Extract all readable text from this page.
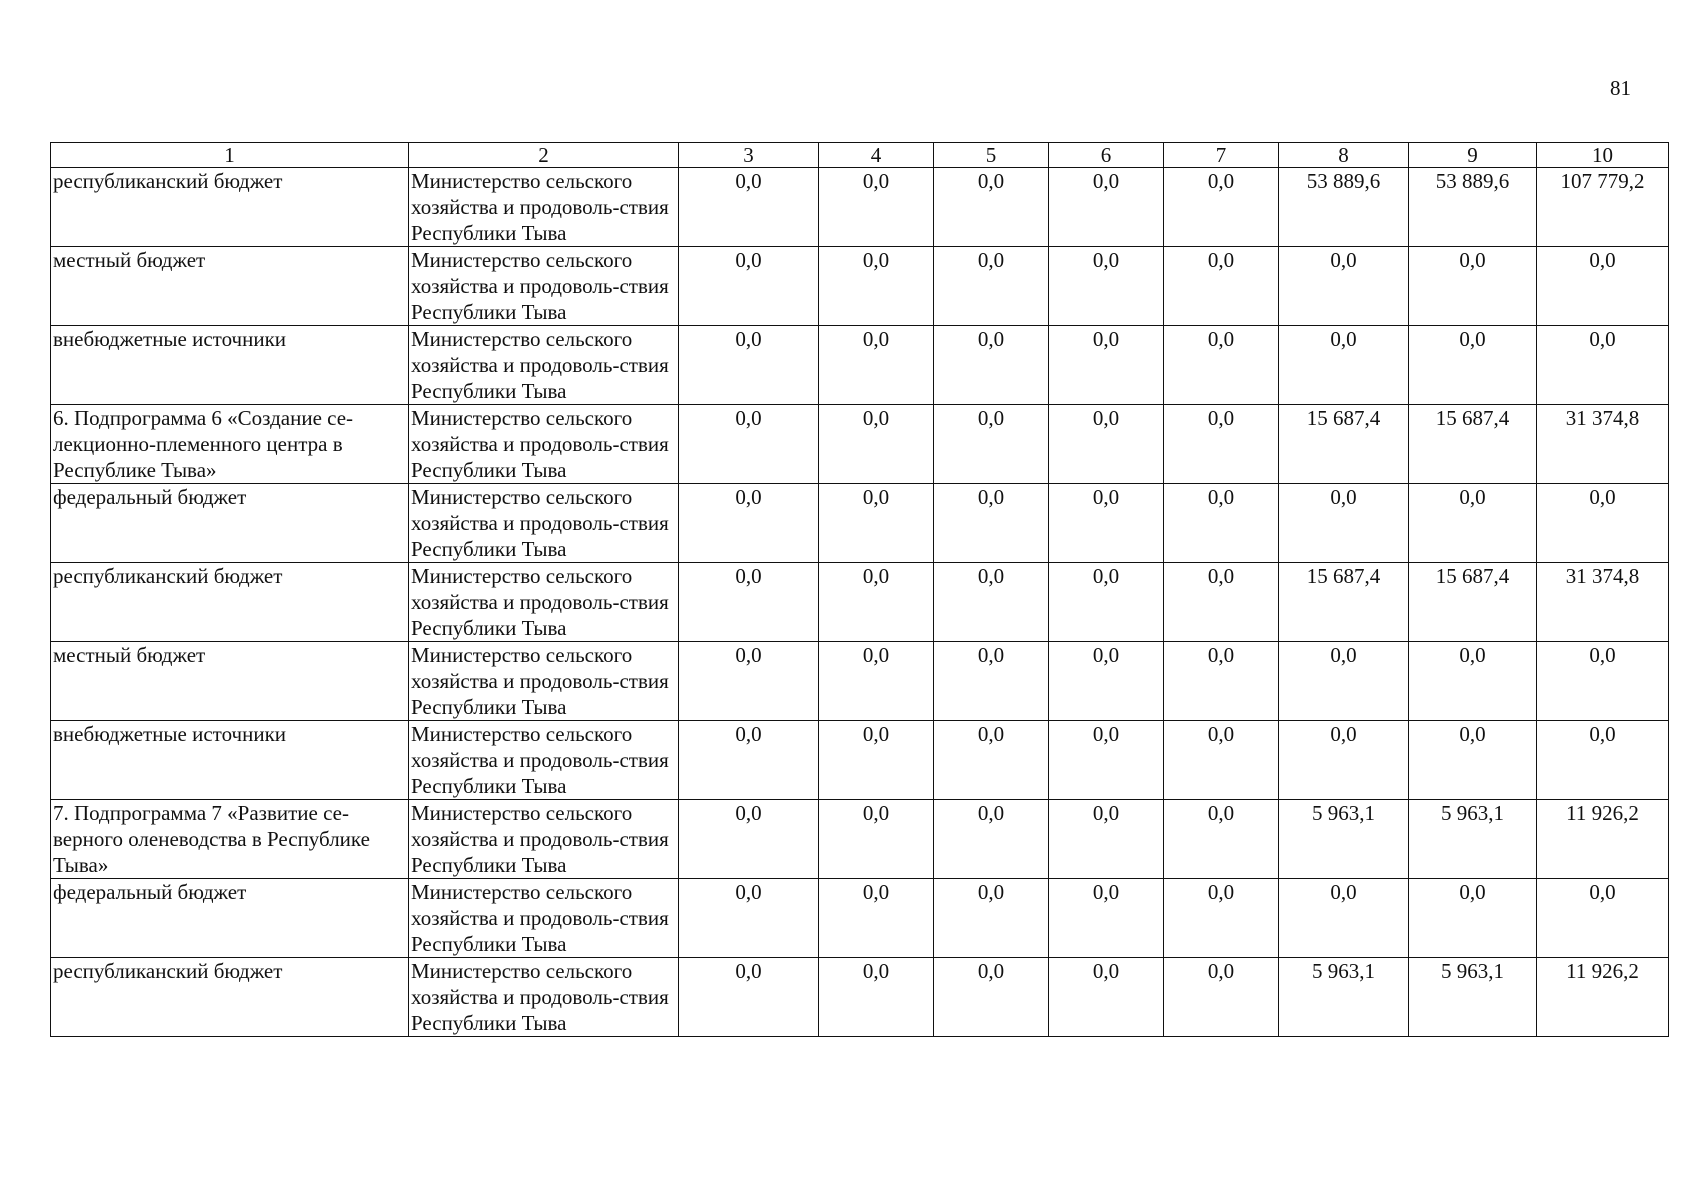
81
1	2	3	4	5	6	7	8	9	10
республиканский бюджет	Министерство сельского хозяйства и продоволь-ствия Республики Тыва	0,0	0,0	0,0	0,0	0,0	53 889,6	53 889,6	107 779,2
местный бюджет	Министерство сельского хозяйства и продоволь-ствия Республики Тыва	0,0	0,0	0,0	0,0	0,0	0,0	0,0	0,0
внебюджетные источники	Министерство сельского хозяйства и продоволь-ствия Республики Тыва	0,0	0,0	0,0	0,0	0,0	0,0	0,0	0,0
6. Подпрограмма 6 «Создание се-лекционно-племенного центра в Республике Тыва»	Министерство сельского хозяйства и продоволь-ствия Республики Тыва	0,0	0,0	0,0	0,0	0,0	15 687,4	15 687,4	31 374,8
федеральный бюджет	Министерство сельского хозяйства и продоволь-ствия Республики Тыва	0,0	0,0	0,0	0,0	0,0	0,0	0,0	0,0
республиканский бюджет	Министерство сельского хозяйства и продоволь-ствия Республики Тыва	0,0	0,0	0,0	0,0	0,0	15 687,4	15 687,4	31 374,8
местный бюджет	Министерство сельского хозяйства и продоволь-ствия Республики Тыва	0,0	0,0	0,0	0,0	0,0	0,0	0,0	0,0
внебюджетные источники	Министерство сельского хозяйства и продоволь-ствия Республики Тыва	0,0	0,0	0,0	0,0	0,0	0,0	0,0	0,0
7. Подпрограмма 7 «Развитие се-верного оленеводства в Республике Тыва»	Министерство сельского хозяйства и продоволь-ствия Республики Тыва	0,0	0,0	0,0	0,0	0,0	5 963,1	5 963,1	11 926,2
федеральный бюджет	Министерство сельского хозяйства и продоволь-ствия Республики Тыва	0,0	0,0	0,0	0,0	0,0	0,0	0,0	0,0
республиканский бюджет	Министерство сельского хозяйства и продоволь-ствия Республики Тыва	0,0	0,0	0,0	0,0	0,0	5 963,1	5 963,1	11 926,2
